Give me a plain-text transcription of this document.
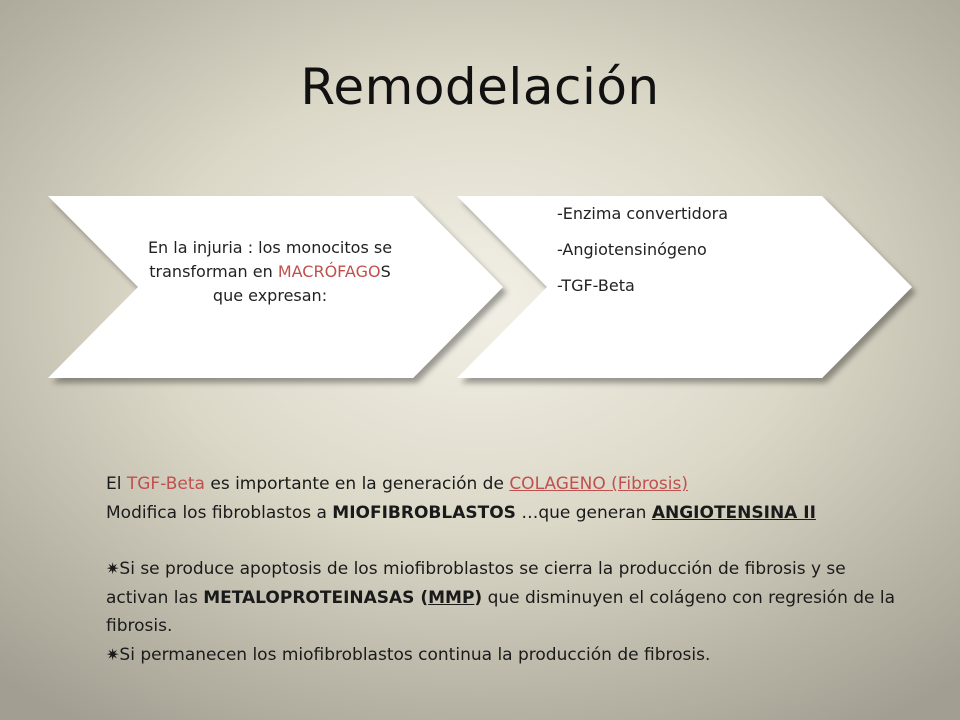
Remodelación
En la injuria : los monocitos se transforman en MACRÓFAGOS que expresan:
-Enzima convertidora
-Angiotensinógeno
-TGF-Beta

El TGF-Beta es importante en la generación de COLAGENO (Fibrosis)

Modifica los fibroblastos a MIOFIBROBLASTOS …que generan ANGIOTENSINA II

✷Si se produce apoptosis de los miofibroblastos se cierra la producción de fibrosis y se activan las METALOPROTEINASAS (MMP) que disminuyen el colágeno con regresión de la fibrosis.

✷Si permanecen los miofibroblastos continua la producción de fibrosis.
